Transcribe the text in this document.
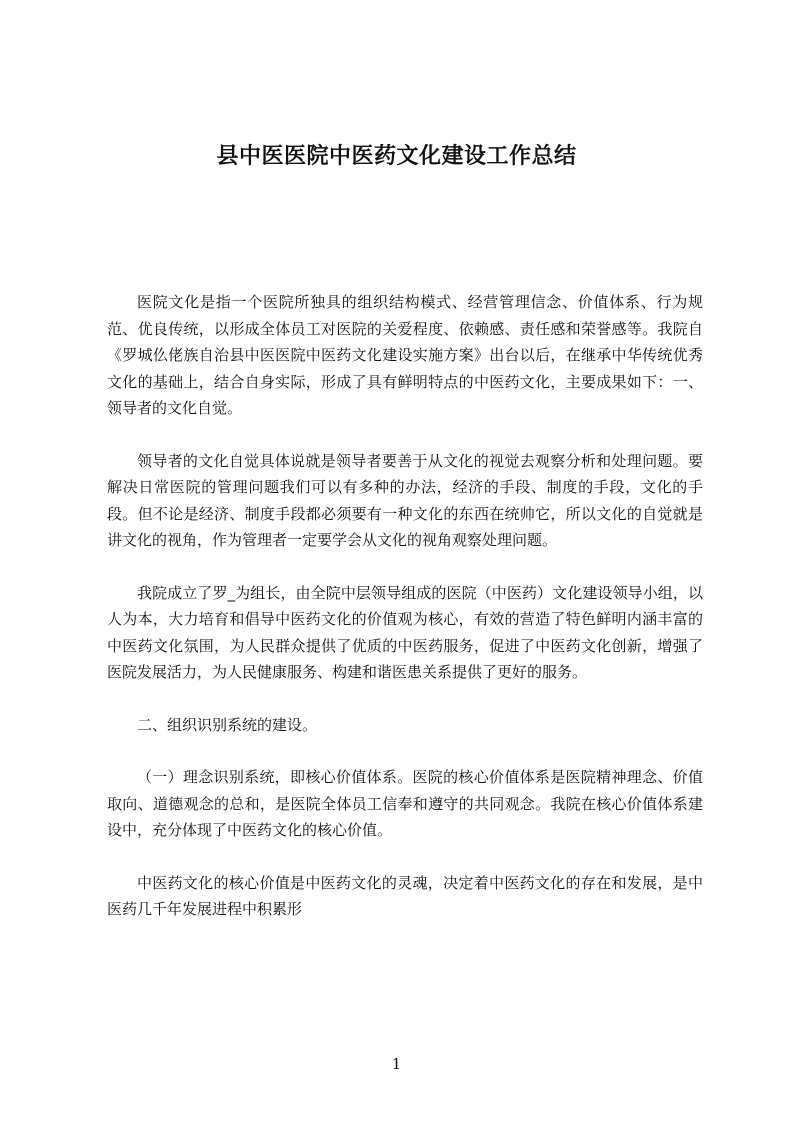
县中医医院中医药文化建设工作总结

医院文化是指一个医院所独具的组织结构模式、经营管理信念、价值体系、行为规范、优良传统，以形成全体员工对医院的关爱程度、依赖感、责任感和荣誉感等。我院自《罗城仫佬族自治县中医医院中医药文化建设实施方案》出台以后，在继承中华传统优秀文化的基础上，结合自身实际，形成了具有鲜明特点的中医药文化，主要成果如下：一、领导者的文化自觉。

领导者的文化自觉具体说就是领导者要善于从文化的视觉去观察分析和处理问题。要解决日常医院的管理问题我们可以有多种的办法，经济的手段、制度的手段，文化的手段。但不论是经济、制度手段都必须要有一种文化的东西在统帅它，所以文化的自觉就是讲文化的视角，作为管理者一定要学会从文化的视角观察处理问题。

我院成立了罗_为组长，由全院中层领导组成的医院（中医药）文化建设领导小组，以人为本，大力培育和倡导中医药文化的价值观为核心，有效的营造了特色鲜明内涵丰富的中医药文化氛围，为人民群众提供了优质的中医药服务，促进了中医药文化创新，增强了医院发展活力，为人民健康服务、构建和谐医患关系提供了更好的服务。

二、组织识别系统的建设。

（一）理念识别系统，即核心价值体系。医院的核心价值体系是医院精神理念、价值取向、道德观念的总和，是医院全体员工信奉和遵守的共同观念。我院在核心价值体系建设中，充分体现了中医药文化的核心价值。

中医药文化的核心价值是中医药文化的灵魂，决定着中医药文化的存在和发展，是中医药几千年发展进程中积累形

1
